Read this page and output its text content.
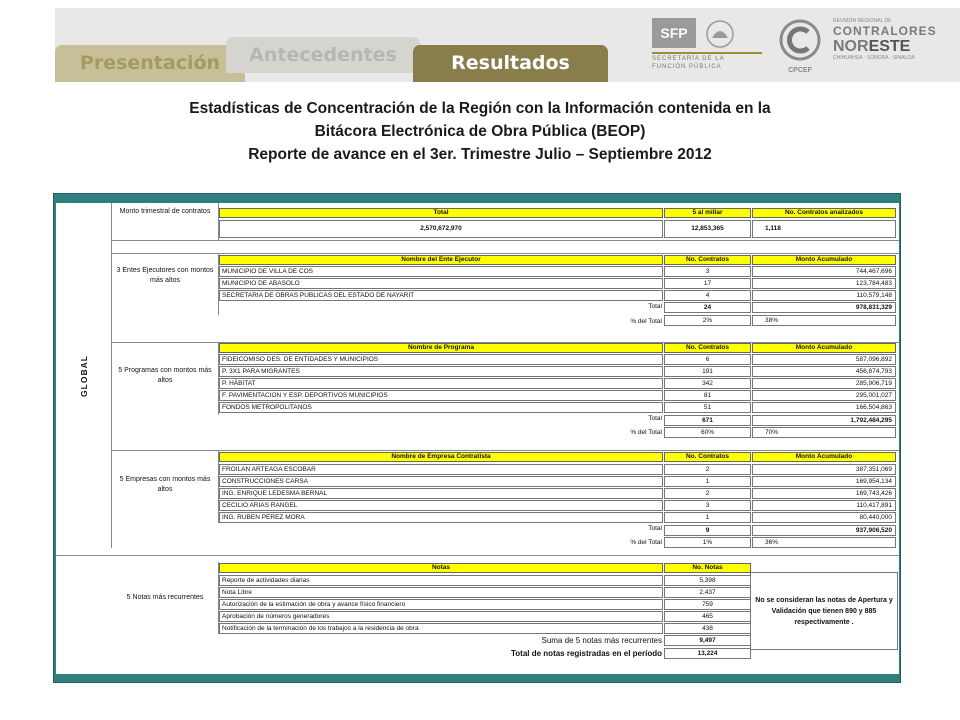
Presentación	Antecedentes	Resultados
SFP
SECRETARÍA DE LA
FUNCIÓN PÚBLICA	CPCEF
REUNIÓN REGIONAL DE
CONTRALORES
NORESTE
CHIHUAHUA · SONORA · SINALOA
Estadísticas de Concentración de la Región con la Información contenida en la
Bitácora Electrónica de Obra Pública (BEOP)
Reporte de avance en el 3er. Trimestre Julio – Septiembre 2012
GLOBAL
Monto trimestral de contratos	Total	5 al millar	No. Contratos analizados
2,570,672,970	12,853,365	1,118
3 Entes Ejecutores con montos más altos
Nombre del Ente Ejecutor	No. Contratos	Monto Acumulado
MUNICIPIO DE VILLA DE COS	3	744,467,696
MUNICIPIO DE ABASOLO	17	123,784,483
SECRETARIA DE OBRAS PUBLICAS DEL ESTADO DE NAYARIT	4	110,579,148
Total	24	978,831,329
% del Total	2%	38%
5 Programas con montos más altos
Nombre de Programa	No. Contratos	Monto Acumulado
FIDEICOMISO DES. DE ENTIDADES Y MUNICIPIOS	6	587,096,892
P. 3X1 PARA MIGRANTES	191	456,874,793
P. HÁBITAT	342	285,906,719
F. PAVIMENTACION Y ESP. DEPORTIVOS MUNICIPIOS	81	295,001,027
FONDOS METROPOLITANOS	51	166,504,863
Total	671	1,792,484,295
% del Total	60%	70%
5 Empresas con montos más altos
Nombre de Empresa Contratista	No. Contratos	Monto Acumulado
FROILAN ARTEAGA ESCOBAR	2	387,351,069
CONSTRUCCIONES CARSA	1	169,954,134
ING. ENRIQUE LEDESMA BERNAL	2	169,743,426
CECILIO ARIAS RANGEL	3	110,417,891
ING. RUBEN PEREZ MORA	1	80,440,000
Total	9	937,906,520
% del Total	1%	36%
5 Notas más recurrentes
Notas	No. Notas
Reporte de actividades diarias	5,398
Nota Libre	2,437
Autorización de la estimación de obra y avance físico financiero	759
Aprobación de números generadores	465
Notificación de la terminación de los trabajos a la residencia de obra	438
Suma de 5 notas más recurrentes	9,497
Total de notas registradas en el período	13,224
No se consideran las notas de Apertura y Validación que tienen 890 y 885 respectivamente .
